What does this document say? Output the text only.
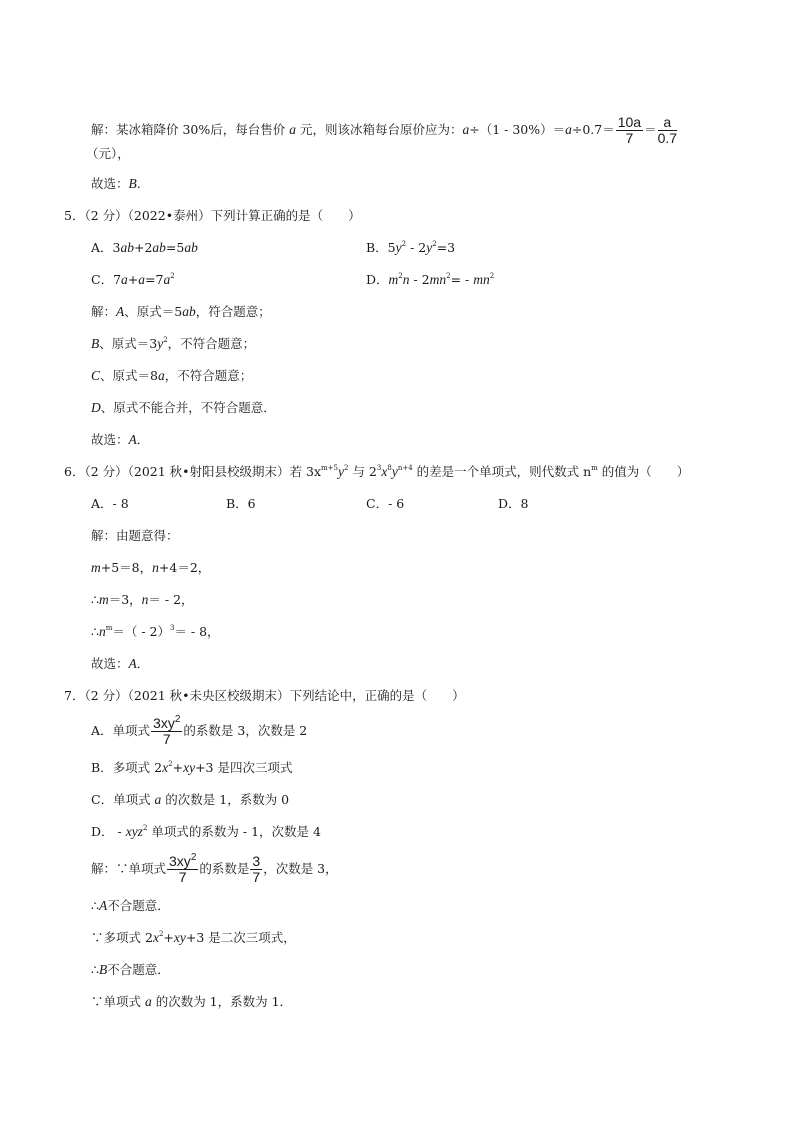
解：某冰箱降价 30%后，每台售价 a 元，则该冰箱每台原价应为：$a\div(1 - 30\%)=a\div 0.7= \frac{10a}{7} = \frac{a}{0.7}$
（元），
故选：B.
5．（2 分）（2022•泰州）下列计算正确的是（　　）
A．3ab+2ab=5ab	B．$5y^2 - 2y^2=3$
C．$7a+a=7a^2$	D．$m^2n - 2mn^2= - mn^2$
解：A、原式＝5ab，符合题意；
B、原式$=3y^2$，不符合题意；
C、原式＝8a，不符合题意；
D、原式不能合并，不符合题意．
故选：A．
6．（2 分）（2021 秋•射阳县校级期末）若 $3x^{m+5}y^2$ 与 $2^3x^8y^{n+4}$ 的差是一个单项式，则代数式 $n^m$ 的值为（　　）
A．- 8	B．6	C．- 6	D．8
解：由题意得：
m+5＝8，n+4＝2，
∴m＝3，n＝ - 2，
$\therefore n^m=( - 2)^3= - 8$，
故选：A．
7．（2 分）（2021 秋•未央区校级期末）下列结论中，正确的是（　　）
A．单项式 $\frac{3xy^2}{7}$ 的系数是 3，次数是 2
B．多项式 $2x^2+xy+3$ 是四次三项式
C．单项式 a 的次数是 1，系数为 0
D． - xyz$^2$ 单项式的系数为 - 1，次数是 4
解：∵单项式 $\frac{3xy^2}{7}$ 的系数是 $\frac{3}{7}$ ，次数是 3，
∴A不合题意．
∵多项式 $2x^2+xy+3$ 是二次三项式，
∴B不合题意．
∵单项式 a 的次数为 1，系数为 1．
